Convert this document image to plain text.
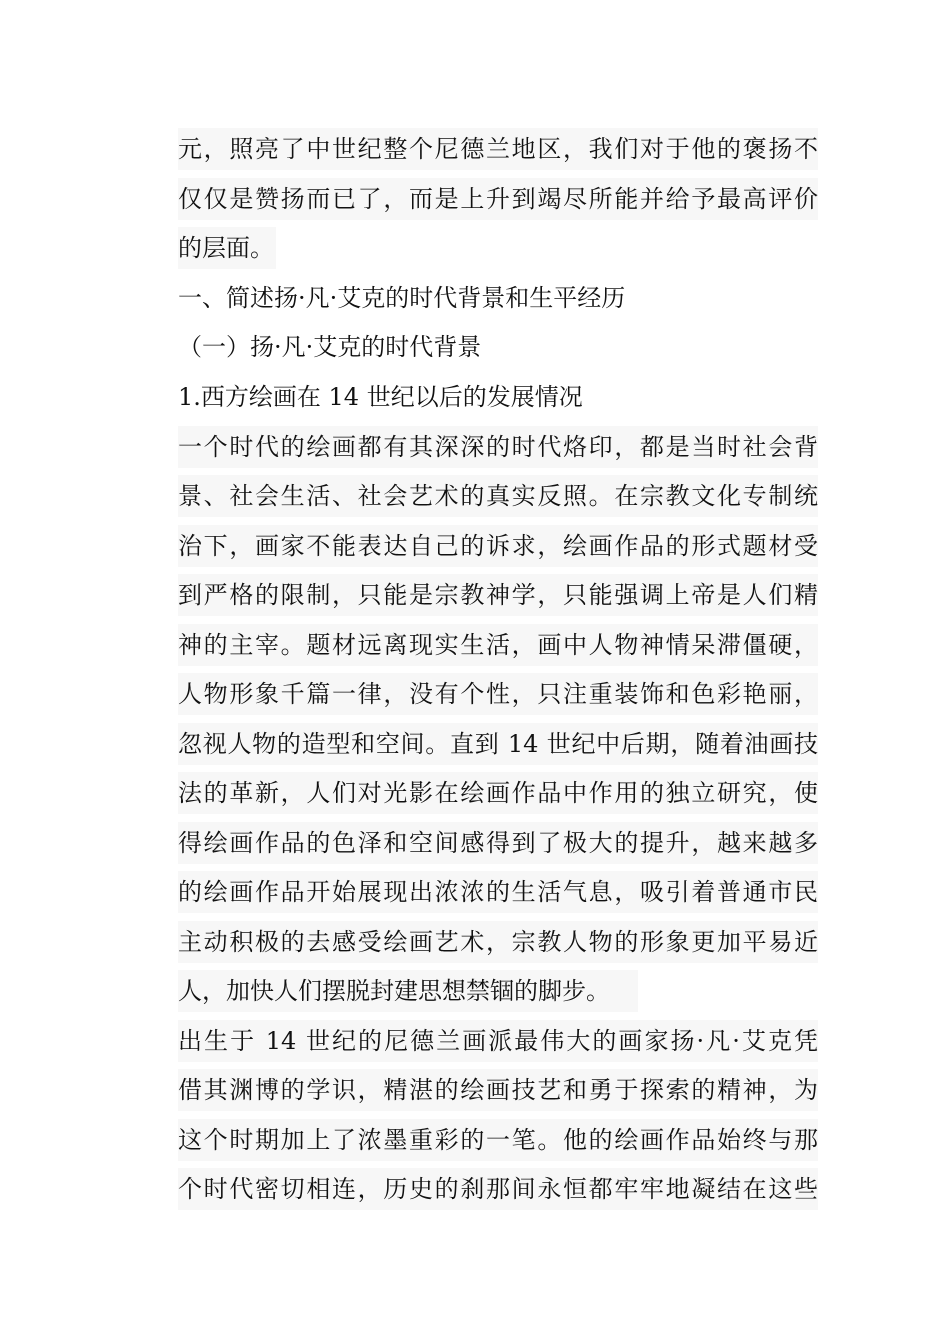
元，照亮了中世纪整个尼德兰地区，我们对于他的褒扬不
仅仅是赞扬而已了，而是上升到竭尽所能并给予最高评价
的层面。
一、简述扬·凡·艾克的时代背景和生平经历
（一）扬·凡·艾克的时代背景
1.西方绘画在 14 世纪以后的发展情况
一个时代的绘画都有其深深的时代烙印，都是当时社会背
景、社会生活、社会艺术的真实反照。在宗教文化专制统
治下，画家不能表达自己的诉求，绘画作品的形式题材受
到严格的限制，只能是宗教神学，只能强调上帝是人们精
神的主宰。题材远离现实生活，画中人物神情呆滞僵硬，
人物形象千篇一律，没有个性，只注重装饰和色彩艳丽，
忽视人物的造型和空间。直到 14 世纪中后期，随着油画技
法的革新，人们对光影在绘画作品中作用的独立研究，使
得绘画作品的色泽和空间感得到了极大的提升，越来越多
的绘画作品开始展现出浓浓的生活气息，吸引着普通市民
主动积极的去感受绘画艺术，宗教人物的形象更加平易近
人，加快人们摆脱封建思想禁锢的脚步。
出生于 14 世纪的尼德兰画派最伟大的画家扬·凡·艾克凭
借其渊博的学识，精湛的绘画技艺和勇于探索的精神，为
这个时期加上了浓墨重彩的一笔。他的绘画作品始终与那
个时代密切相连，历史的刹那间永恒都牢牢地凝结在这些
